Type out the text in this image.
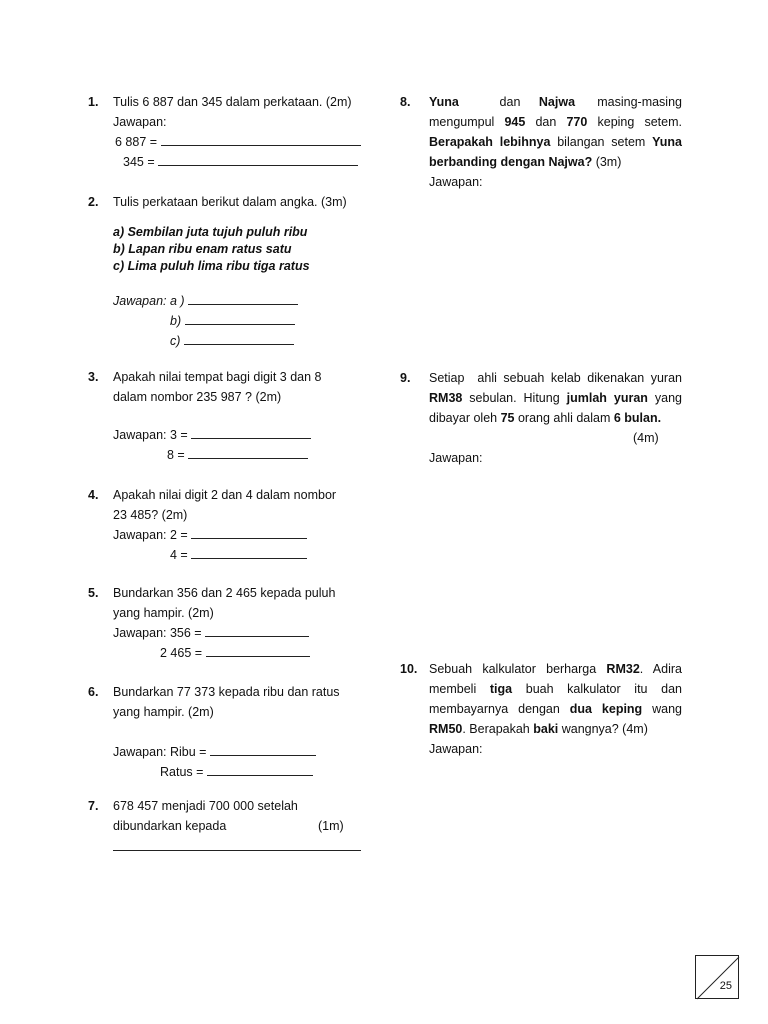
1. Tulis 6 887 dan 345 dalam perkataan. (2m)
Jawapan:
6 887 =
345 =
2. Tulis perkataan berikut dalam angka. (3m)
a) Sembilan juta tujuh puluh ribu
b) Lapan ribu enam ratus satu
c) Lima puluh lima ribu tiga ratus
Jawapan: a )
b)
c)
3. Apakah nilai tempat bagi digit 3 dan 8
dalam nombor 235 987 ? (2m)
Jawapan: 3 =
8 =
4. Apakah nilai digit 2 dan 4 dalam nombor
23 485? (2m)
Jawapan: 2 =
4 =
5. Bundarkan 356 dan 2 465 kepada puluh
yang hampir. (2m)
Jawapan: 356 =
2 465 =
6. Bundarkan 77 373 kepada ribu dan ratus
yang hampir. (2m)
Jawapan: Ribu =
Ratus =
7. 678 457 menjadi 700 000 setelah
dibundarkan kepada	(1m)
8. Yuna           dan     Najwa      masing-masing
mengumpul 945 dan 770 keping setem.
Berapakah lebihnya bilangan setem Yuna
berbanding dengan Najwa? (3m)
Jawapan:
9. Setiap  ahli sebuah kelab dikenakan yuran
RM38 sebulan. Hitung jumlah yuran yang
dibayar oleh 75 orang ahli dalam 6 bulan.
(4m)
Jawapan:
10. Sebuah kalkulator berharga RM32. Adira
membeli tiga buah kalkulator itu dan
membayarnya dengan dua keping wang
RM50. Berapakah baki wangnya? (4m)
Jawapan:
25
